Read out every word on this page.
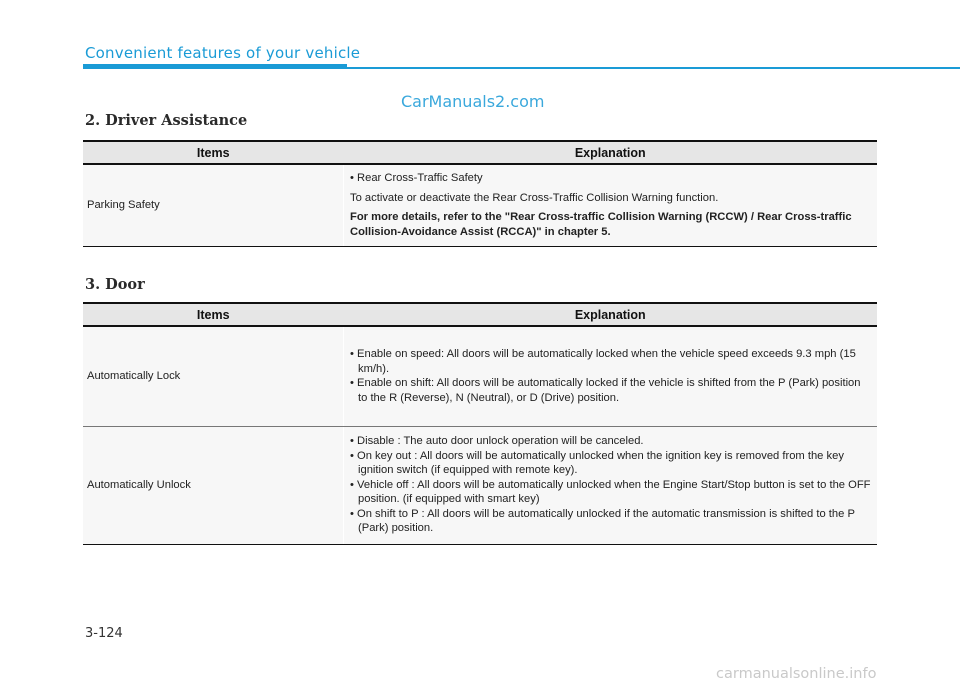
Convenient features of your vehicle
CarManuals2.com
2. Driver Assistance
Items	Explanation
Parking Safety	• Rear Cross-Traffic Safety
To activate or deactivate the Rear Cross-Traffic Collision Warning function.
For more details, refer to the "Rear Cross-traffic Collision Warning (RCCW) / Rear Cross-traffic Collision-Avoidance Assist (RCCA)" in chapter 5.
3. Door
Items	Explanation
Automatically Lock	• Enable on speed: All doors will be automatically locked when the vehicle speed exceeds 9.3 mph (15 km/h).
• Enable on shift: All doors will be automatically locked if the vehicle is shifted from the P (Park) position to the R (Reverse), N (Neutral), or D (Drive) position.

Automatically Unlock	• Disable : The auto door unlock operation will be canceled.
• On key out : All doors will be automatically unlocked when the ignition key is removed from the key ignition switch (if equipped with remote key).
• Vehicle off : All doors will be automatically unlocked when the Engine Start/Stop button is set to the OFF position. (if equipped with smart key)
• On shift to P : All doors will be automatically unlocked if the automatic transmission is shifted to the P (Park) position.
3-124
carmanualsonline.info
